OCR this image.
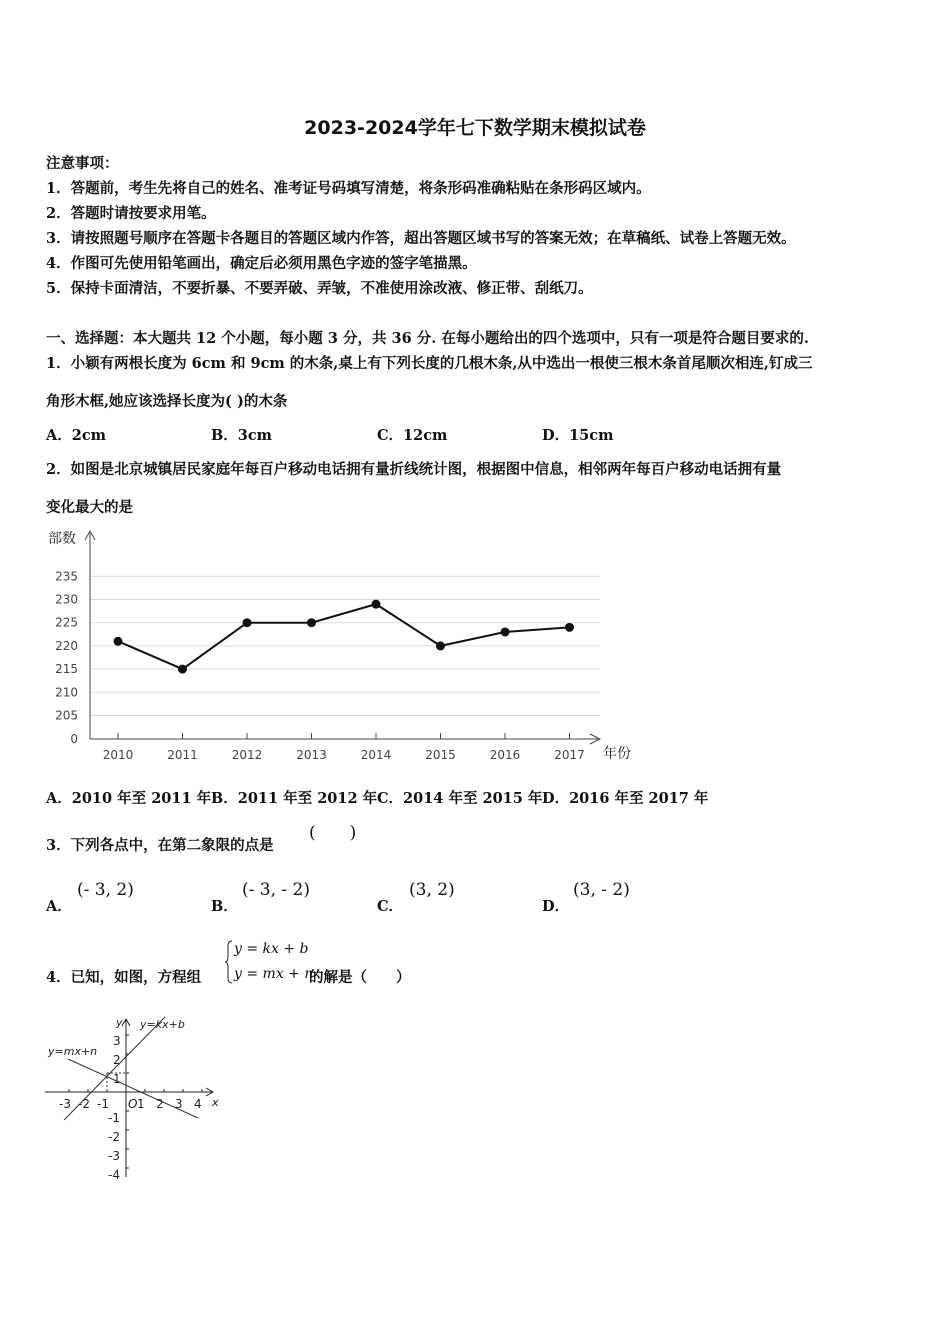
2023-2024学年七下数学期末模拟试卷
注意事项：
1．答题前，考生先将自己的姓名、准考证号码填写清楚，将条形码准确粘贴在条形码区域内。
2．答题时请按要求用笔。
3．请按照题号顺序在答题卡各题目的答题区域内作答，超出答题区域书写的答案无效；在草稿纸、试卷上答题无效。
4．作图可先使用铅笔画出，确定后必须用黑色字迹的签字笔描黑。
5．保持卡面清洁，不要折暴、不要弄破、弄皱，不准使用涂改液、修正带、刮纸刀。
一、选择题：本大题共 12 个小题，每小题 3 分，共 36 分. 在每小题给出的四个选项中，只有一项是符合题目要求的.
1．小颖有两根长度为 6cm 和 9cm 的木条,桌上有下列长度的几根木条,从中选出一根使三根木条首尾顺次相连,钉成三
角形木框,她应该选择长度为( )的木条
A．2cm	B．3cm	C．12cm	D．15cm
2．如图是北京城镇居民家庭年每百户移动电话拥有量折线统计图，根据图中信息，相邻两年每百户移动电话拥有量
变化最大的是
部数
年份
0
205
210
215
220
225
230
235
2010	2011	2012	2013	2014	2015	2016	2017
A．2010 年至 2011 年 B．2011 年至 2012 年 C．2014 年至 2015 年 D．2016 年至 2017 年
3．下列各点中，在第二象限的点是
(　　)
A．
(- 3, 2)
B．
(- 3, - 2)
C．
(3, 2)
D．
(3, - 2)
4．已知，如图，方程组
y = kx + b
y = mx + n
的解是（　　）
y=kx+b
y=mx+n
x
y
O
-3 -2 -1 1 2 3 4
3
2
1
-1
-2
-3
-4
